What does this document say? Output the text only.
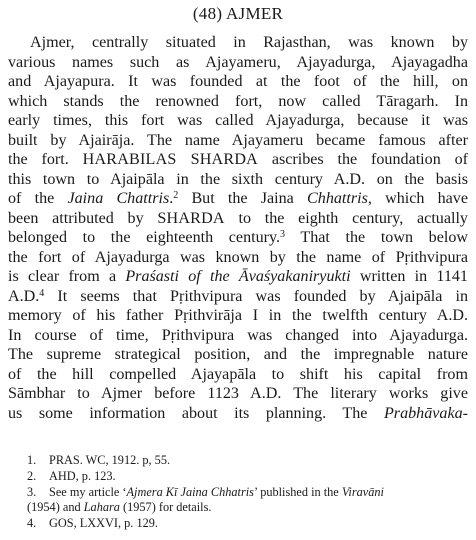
(48) AJMER
Ajmer, centrally situated in Rajasthan, was known by
various names such as Ajayameru, Ajayadurga, Ajayagadha
and Ajayapura. It was founded at the foot of the hill, on
which stands the renowned fort, now called Tāragarh. In
early times, this fort was called Ajayadurga, because it was
built by Ajairāja. The name Ajayameru became famous after
the fort. HARABILAS SHARDA ascribes the foundation of
this town to Ajaipāla in the sixth century A.D. on the basis
of the Jaina Chattris.$^2$ But the Jaina Chhattris, which have
been attributed by SHARDA to the eighth century, actually
belonged to the eighteenth century.$^3$ That the town below
the fort of Ajayadurga was known by the name of Pṛithvipura
is clear from a Praśasti of the Āvaśyakaniryukti written in 1141
A.D.$^4$ It seems that Pṛithvipura was founded by Ajaipāla in
memory of his father Pṛithvirāja I in the twelfth century A.D.
In course of time, Pṛithvipura was changed into Ajayadurga.
The supreme strategical position, and the impregnable nature
of the hill compelled Ajayapāla to shift his capital from
Sāmbhar to Ajmer before 1123 A.D. The literary works give
us some information about its planning. The Prabhāvaka-
1. PRAS. WC, 1912. p, 55.
2. AHD, p. 123.
3. See my article ‘Ajmera Kī Jaina Chhatris’ published in the Viravāni
(1954) and Lahara (1957) for details.
4. GOS, LXXVI, p. 129.
